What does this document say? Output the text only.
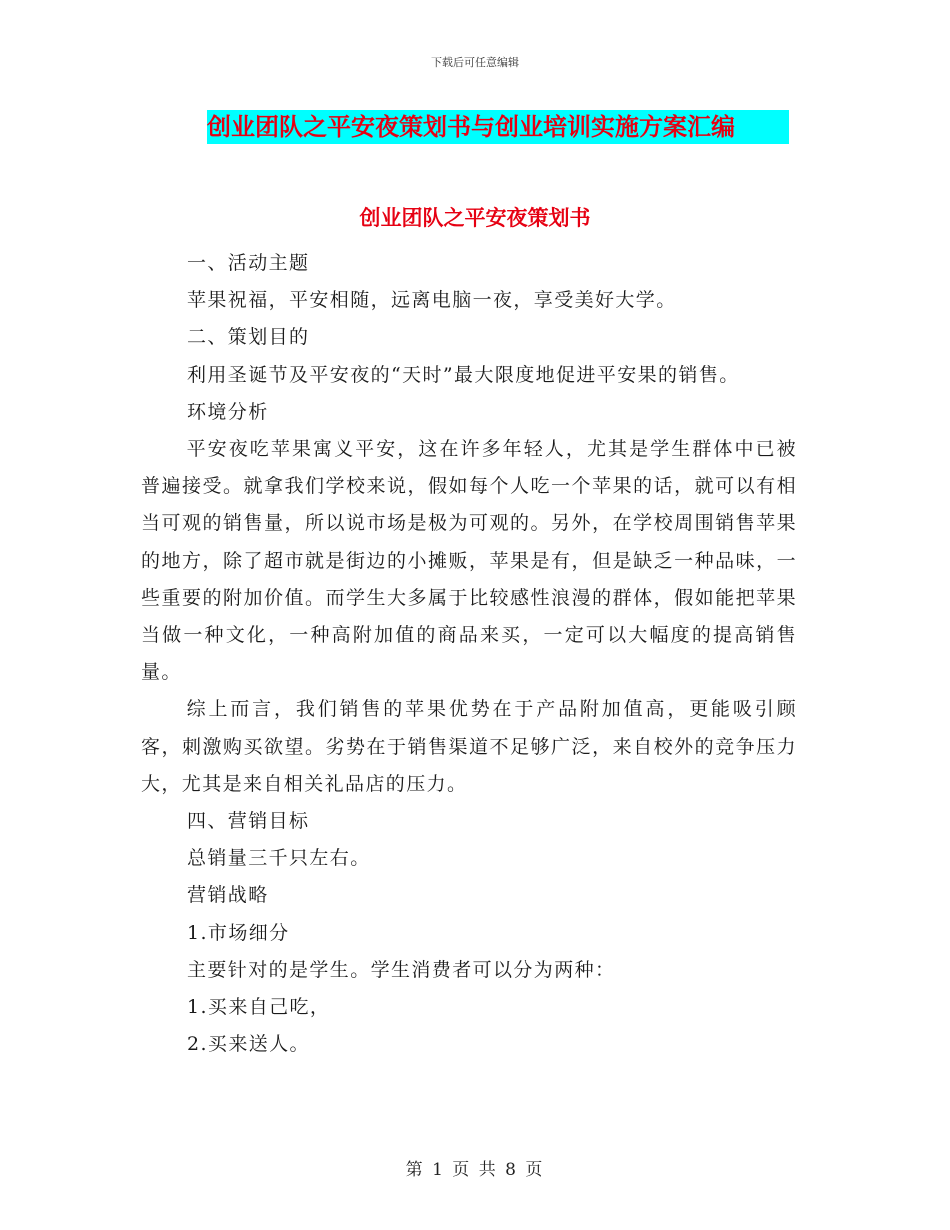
下载后可任意编辑
创业团队之平安夜策划书与创业培训实施方案汇编
创业团队之平安夜策划书

一、活动主题

苹果祝福，平安相随，远离电脑一夜，享受美好大学。

二、策划目的

利用圣诞节及平安夜的“天时”最大限度地促进平安果的销售。

环境分析

平安夜吃苹果寓义平安，这在许多年轻人，尤其是学生群体中已被普遍接受。就拿我们学校来说，假如每个人吃一个苹果的话，就可以有相当可观的销售量，所以说市场是极为可观的。另外，在学校周围销售苹果的地方，除了超市就是街边的小摊贩，苹果是有，但是缺乏一种品味，一些重要的附加价值。而学生大多属于比较感性浪漫的群体，假如能把苹果当做一种文化，一种高附加值的商品来买，一定可以大幅度的提高销售量。

综上而言，我们销售的苹果优势在于产品附加值高，更能吸引顾客，刺激购买欲望。劣势在于销售渠道不足够广泛，来自校外的竞争压力大，尤其是来自相关礼品店的压力。

四、营销目标

总销量三千只左右。

营销战略

1.市场细分

主要针对的是学生。学生消费者可以分为两种：

1.买来自己吃，

2.买来送人。

第 1 页 共 8 页
